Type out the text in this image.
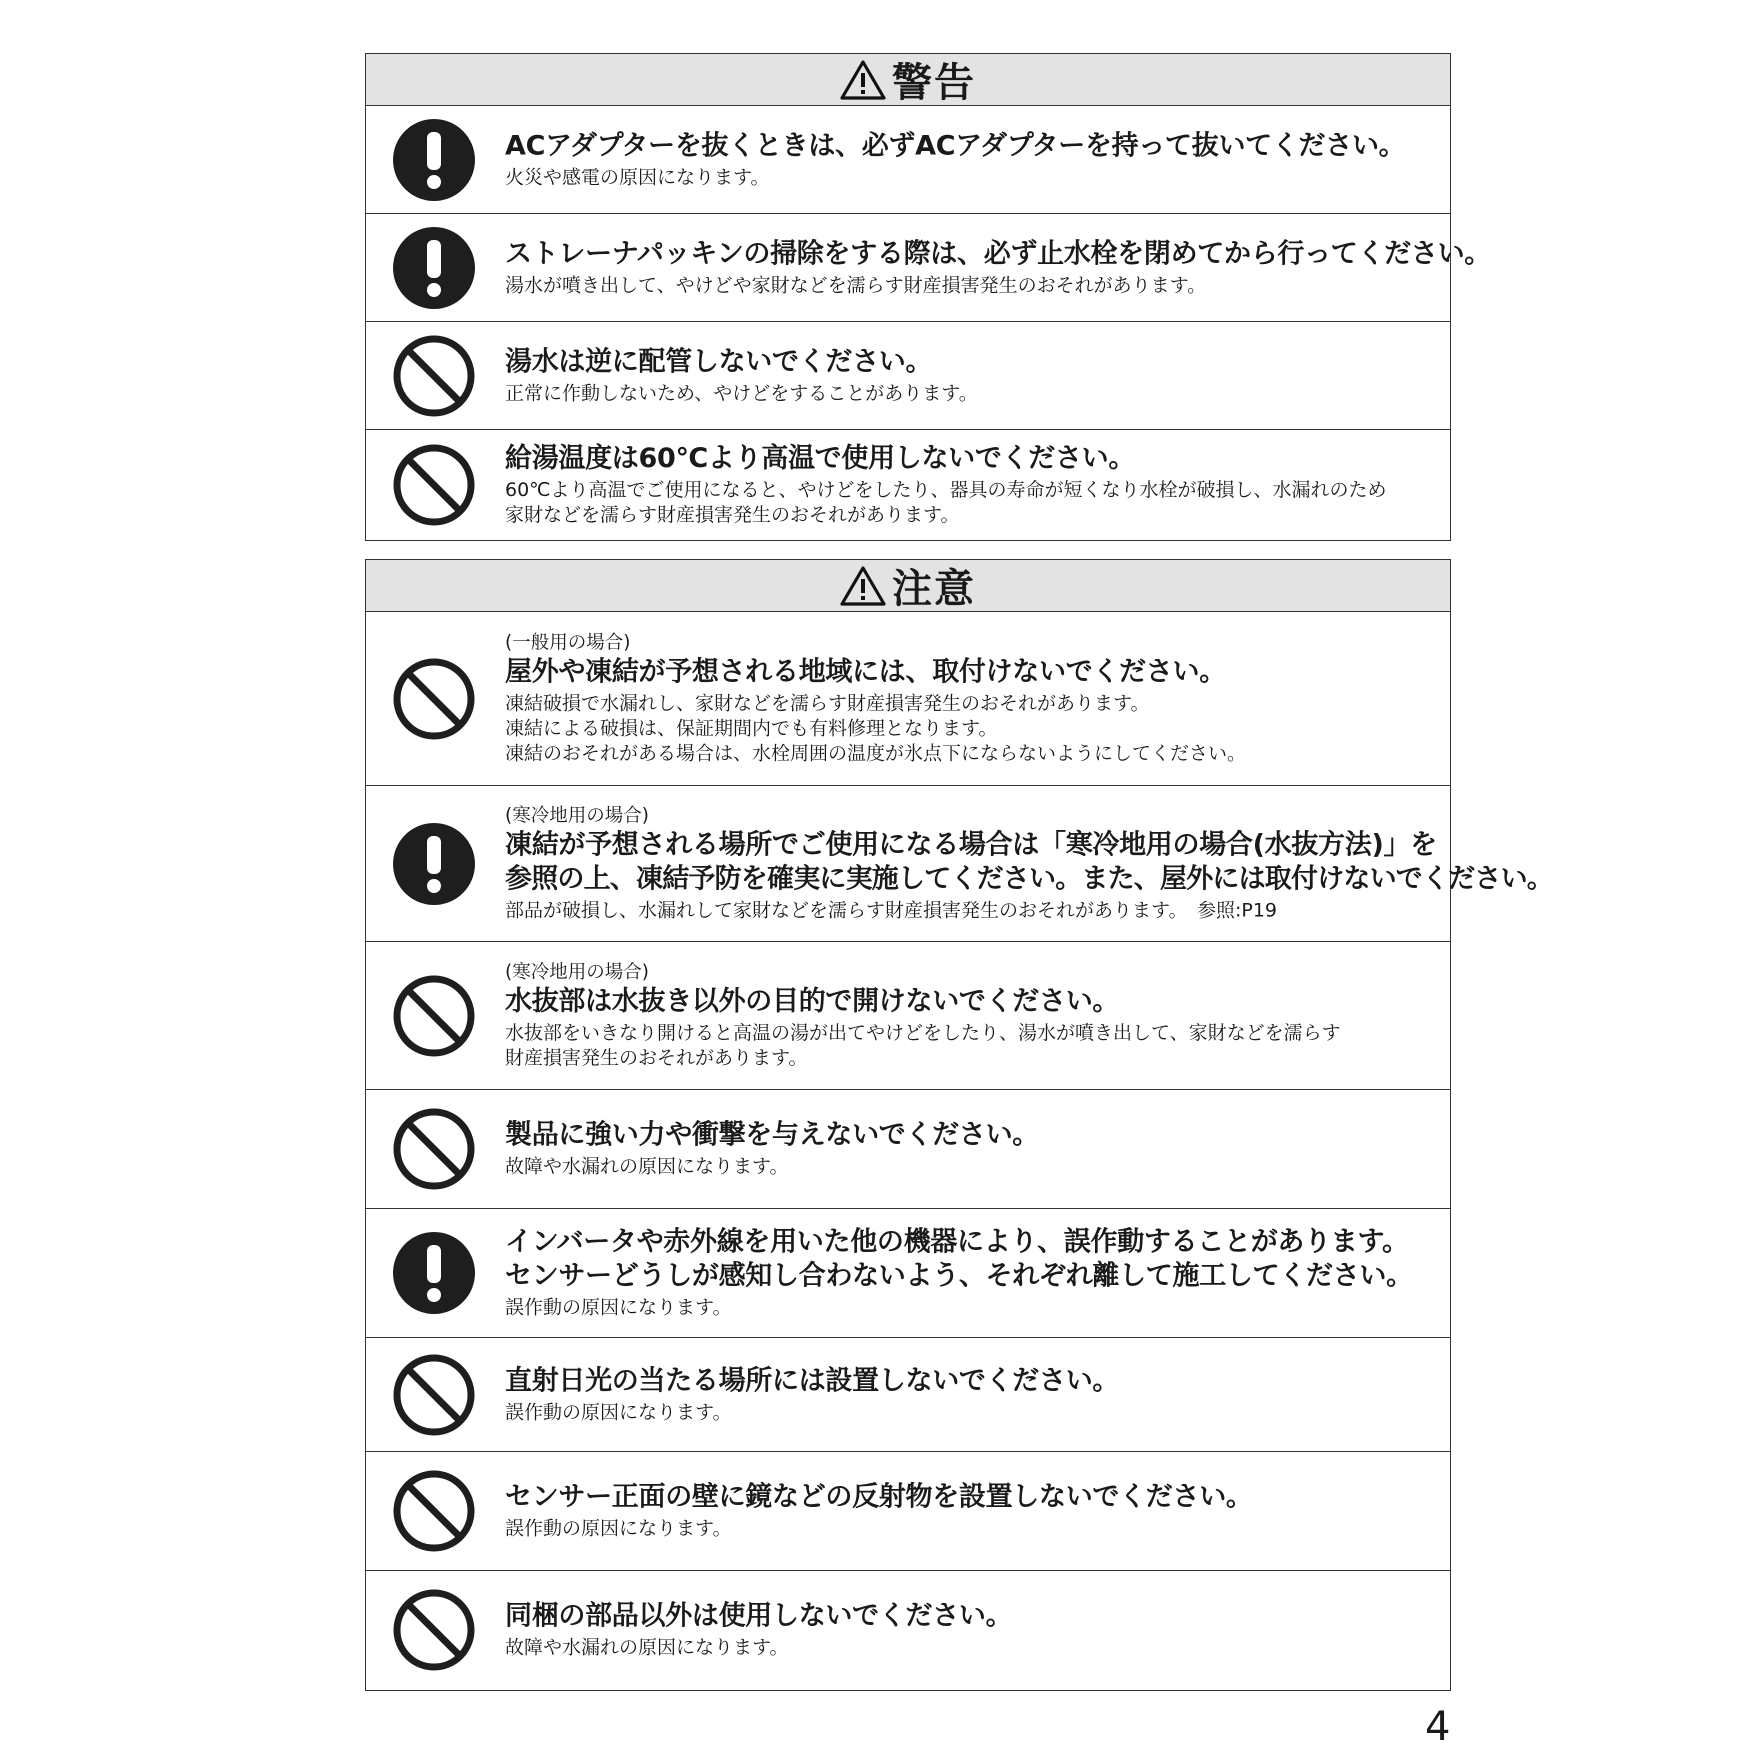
警告
ACアダプターを抜くときは、必ずACアダプターを持って抜いてください。
火災や感電の原因になります。
ストレーナパッキンの掃除をする際は、必ず止水栓を閉めてから行ってください。
湯水が噴き出して、やけどや家財などを濡らす財産損害発生のおそれがあります。
湯水は逆に配管しないでください。
正常に作動しないため、やけどをすることがあります。
給湯温度は60℃より高温で使用しないでください。
60℃より高温でご使用になると、やけどをしたり、器具の寿命が短くなり水栓が破損し、水漏れのため
家財などを濡らす財産損害発生のおそれがあります。
注意
(一般用の場合)
屋外や凍結が予想される地域には、取付けないでください。
凍結破損で水漏れし、家財などを濡らす財産損害発生のおそれがあります。
凍結による破損は、保証期間内でも有料修理となります。
凍結のおそれがある場合は、水栓周囲の温度が氷点下にならないようにしてください。
(寒冷地用の場合)
凍結が予想される場所でご使用になる場合は「寒冷地用の場合(水抜方法)」を
参照の上、凍結予防を確実に実施してください。また、屋外には取付けないでください。
部品が破損し、水漏れして家財などを濡らす財産損害発生のおそれがあります。　参照:P19
(寒冷地用の場合)
水抜部は水抜き以外の目的で開けないでください。
水抜部をいきなり開けると高温の湯が出てやけどをしたり、湯水が噴き出して、家財などを濡らす
財産損害発生のおそれがあります。
製品に強い力や衝撃を与えないでください。
故障や水漏れの原因になります。
インバータや赤外線を用いた他の機器により、誤作動することがあります。
センサーどうしが感知し合わないよう、それぞれ離して施工してください。
誤作動の原因になります。
直射日光の当たる場所には設置しないでください。
誤作動の原因になります。
センサー正面の壁に鏡などの反射物を設置しないでください。
誤作動の原因になります。
同梱の部品以外は使用しないでください。
故障や水漏れの原因になります。
4
